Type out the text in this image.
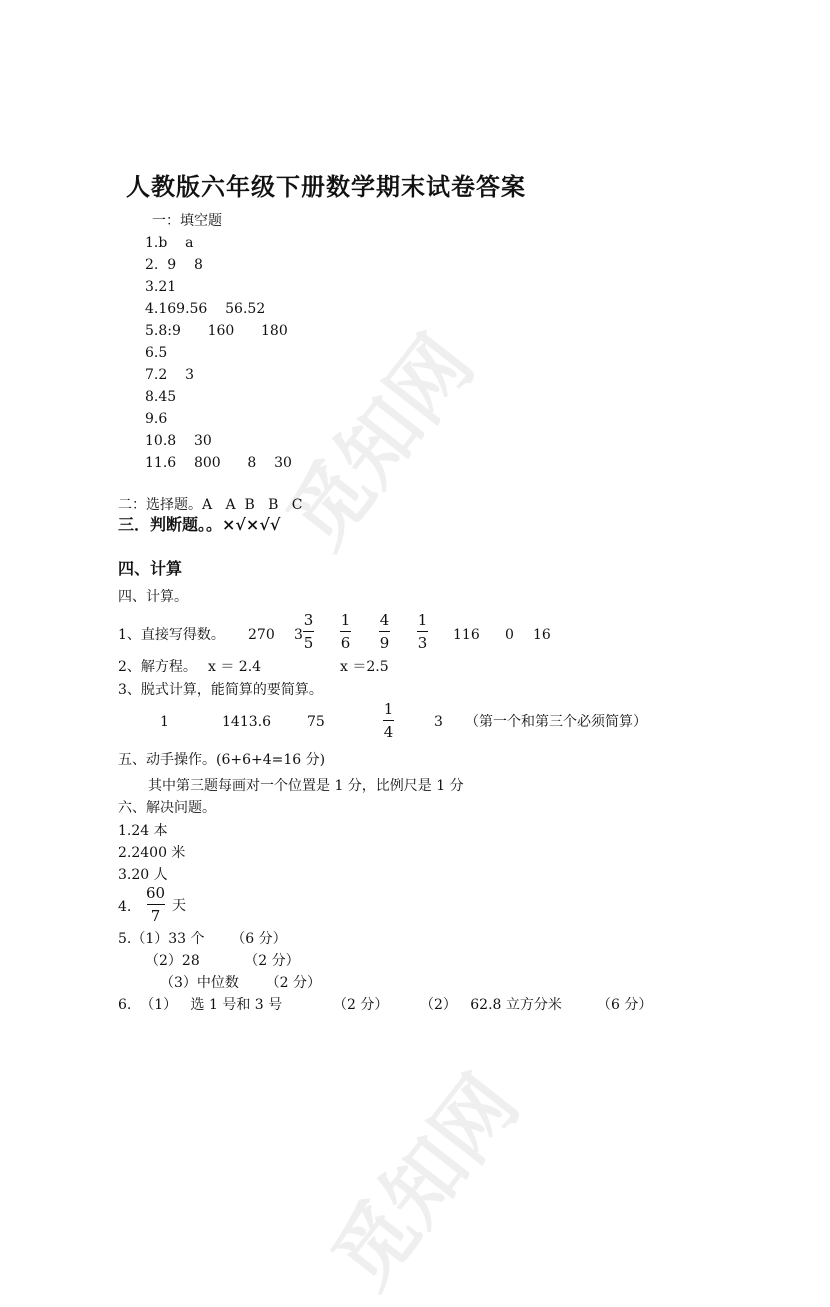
觅知网
觅知网
人教版六年级下册数学期末试卷答案
一：填空题
1.b    a
2.  9    8
3.21
4.169.56    56.52
5.8:9      160      180
6.5
7.2    3
8.45
9.6
10.8    30
11.6    800      8    30
二：选择题。A   A  B   B   C
三．判断题。。×√×√√
四、计算
四、计算。
1、直接写得数。 270 3
3
5
1
6
4
9
1
3 116 0 16
2、解方程。 x ＝ 2.4	x ＝2.5
3、脱式计算，能简算的要简算。
1	1413.6	75
1
4
3 （第一个和第三个必须简算）
五、动手操作。(6+6+4=16 分)
其中第三题每画对一个位置是 1 分，比例尺是 1 分
六、解决问题。
1.24 本
2.2400 米
3.20 人
4.
60
7
天
5.（1）33 个      （6 分）
（2）28          （2 分）
（3）中位数      （2 分）
6.  （1）   选 1 号和 3 号	（2 分） （2）   62.8 立方分米	（6 分）
